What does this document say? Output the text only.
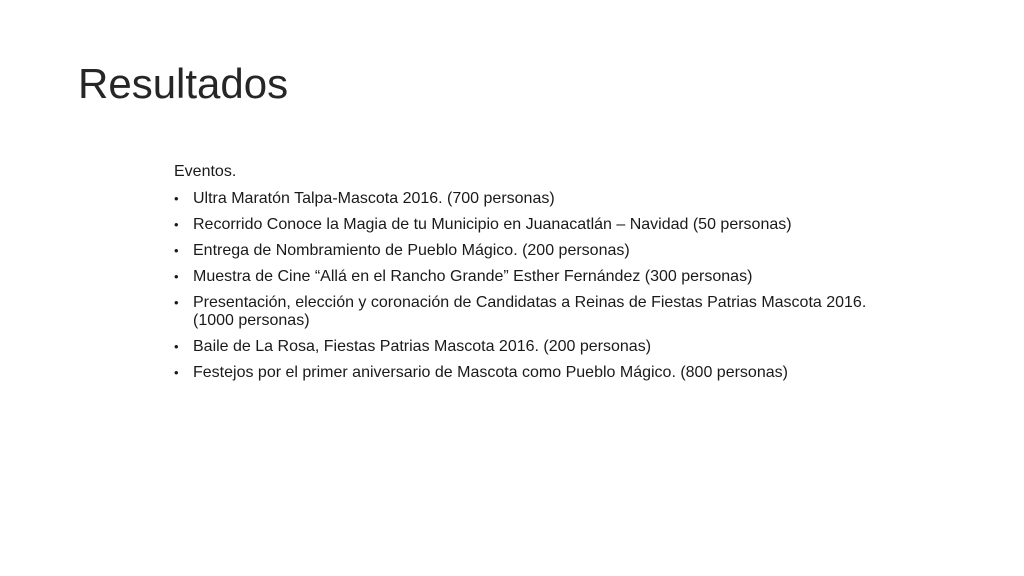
Resultados

Eventos.

• Ultra Maratón Talpa-Mascota 2016. (700 personas)
• Recorrido Conoce la Magia de tu Municipio en Juanacatlán – Navidad (50 personas)
• Entrega de Nombramiento de Pueblo Mágico. (200 personas)
• Muestra de Cine “Allá en el Rancho Grande” Esther Fernández (300 personas)
• Presentación, elección y coronación de Candidatas a Reinas de Fiestas Patrias Mascota 2016. (1000 personas)
• Baile de La Rosa, Fiestas Patrias Mascota 2016. (200 personas)
• Festejos por el primer aniversario de Mascota como Pueblo Mágico. (800 personas)
